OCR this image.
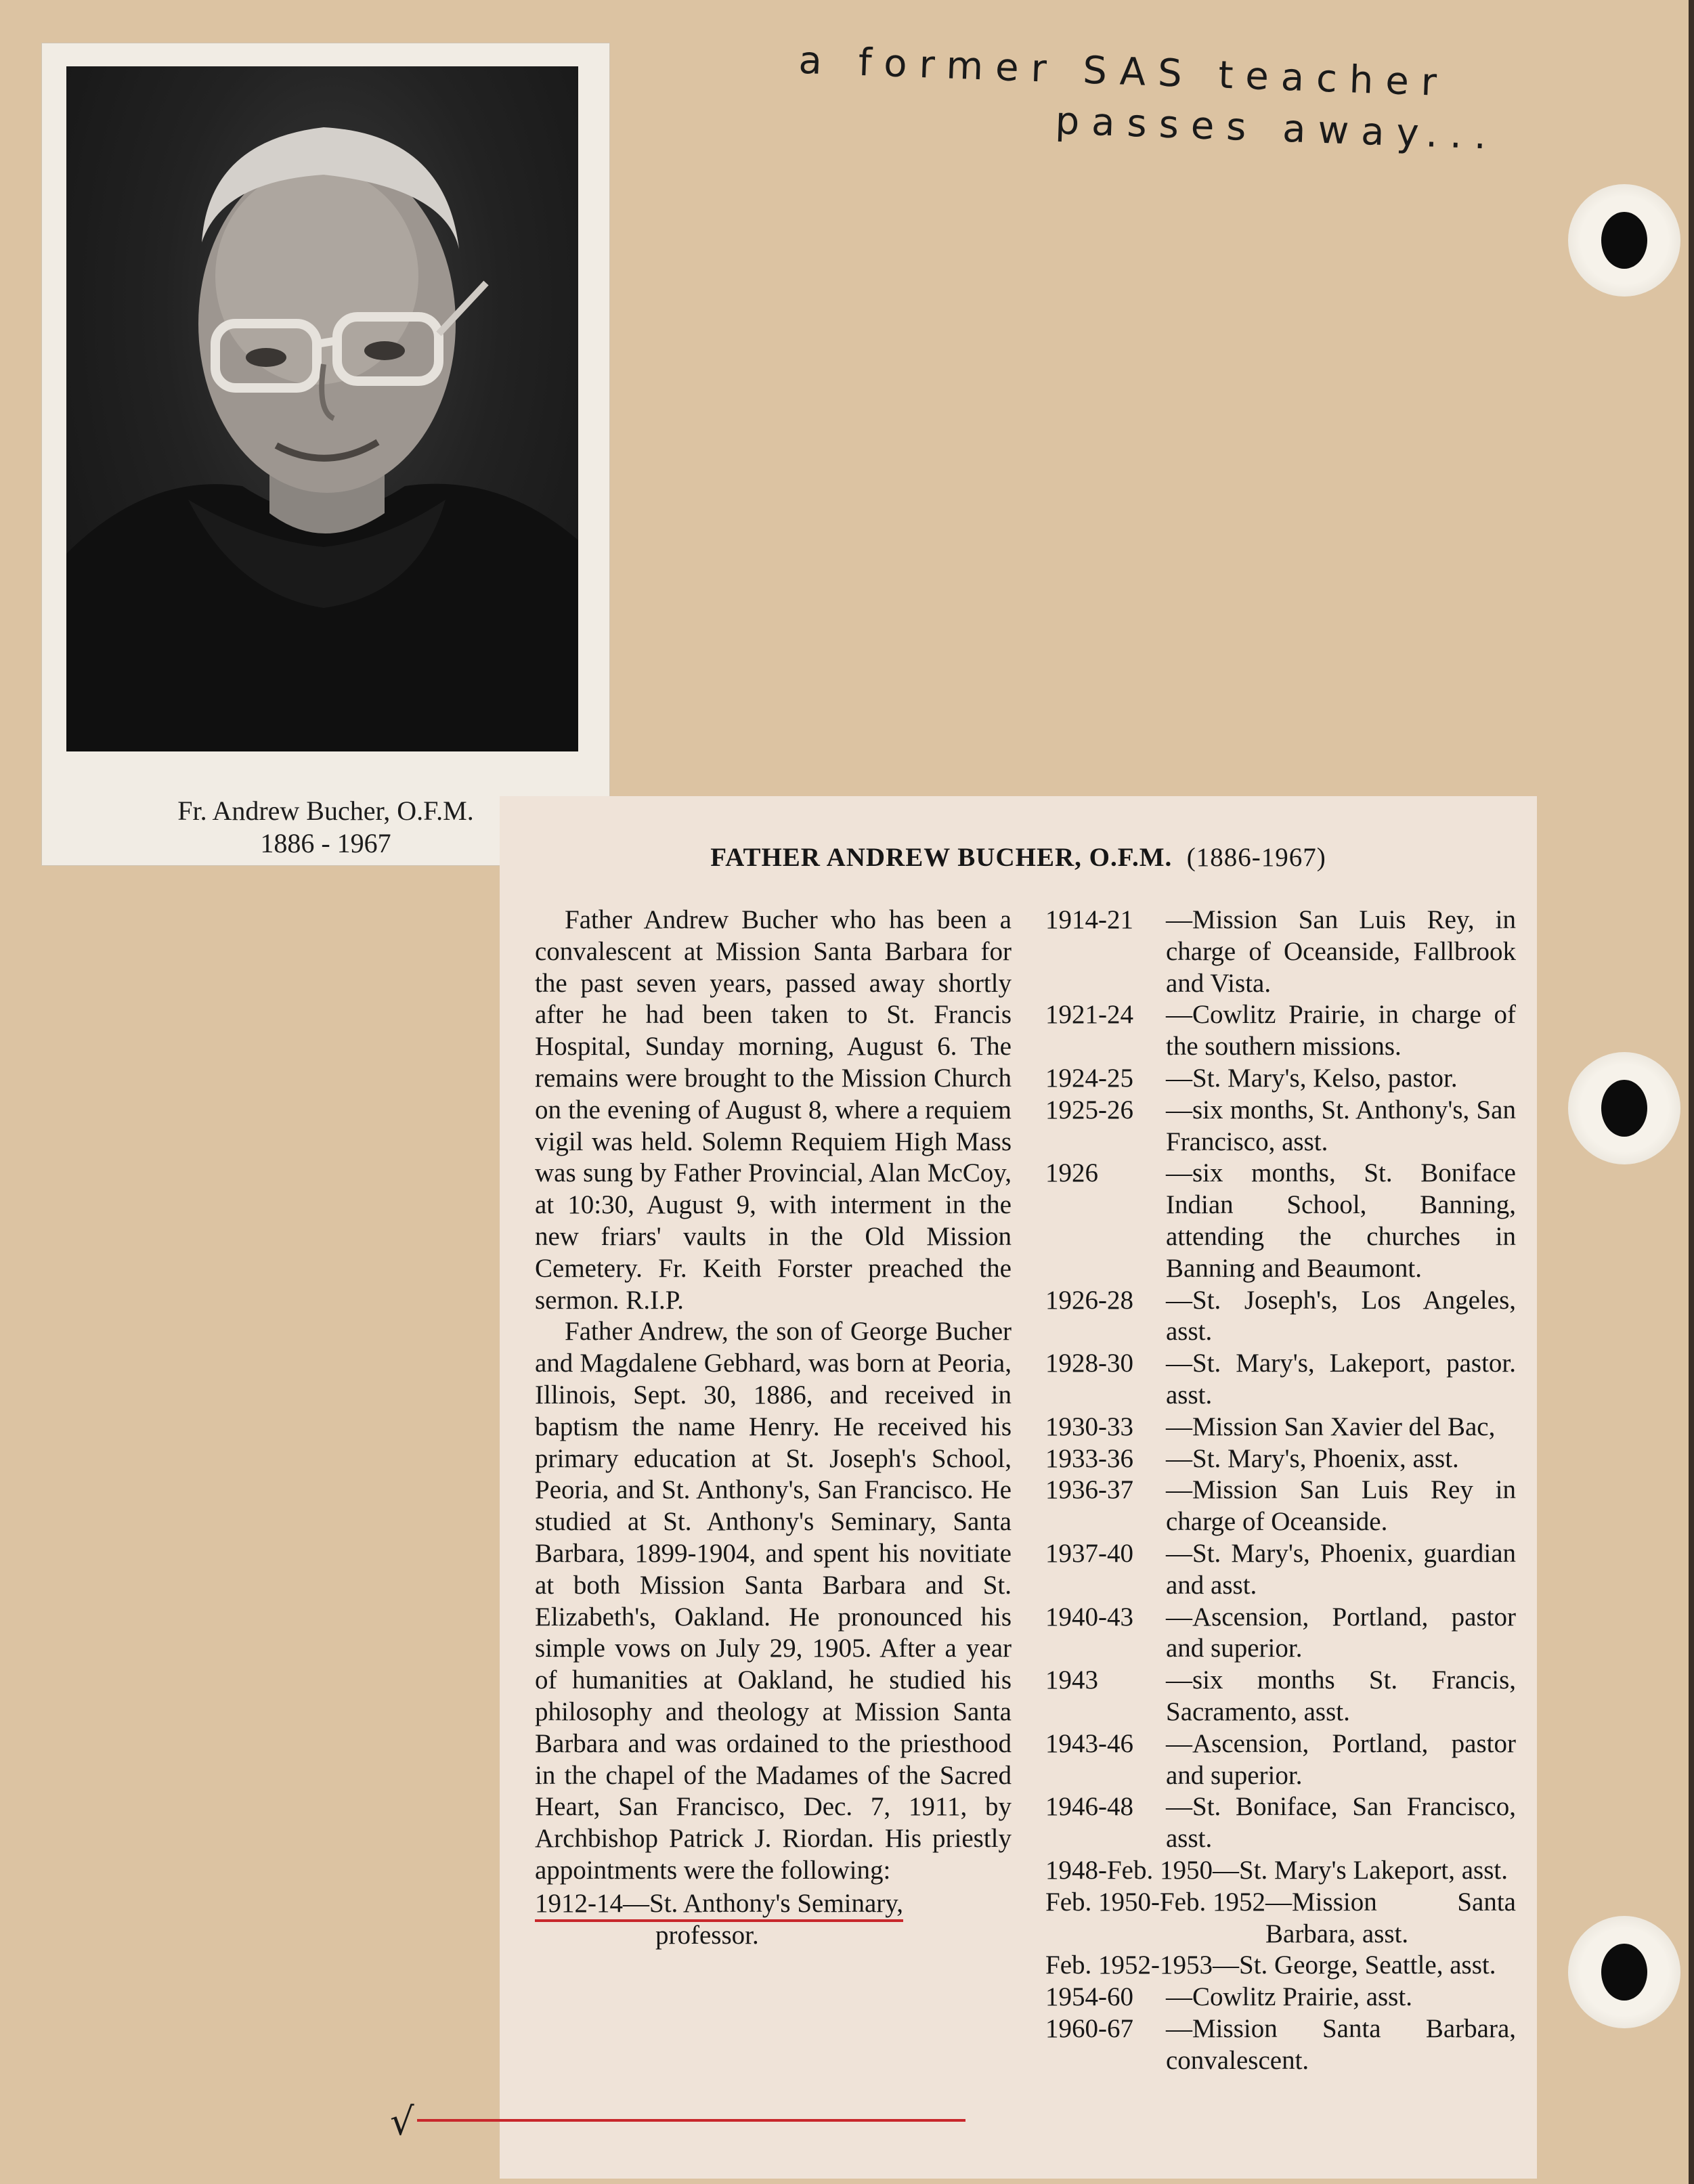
a former SAS teacher
passes away...
Fr. Andrew Bucher, O.F.M.
1886 - 1967	FATHER ANDREW BUCHER, O.F.M. (1886-1967)

Father Andrew Bucher who has been a convalescent at Mission Santa Barbara for the past seven years, passed away shortly after he had been taken to St. Francis Hospital, Sunday morning, August 6. The remains were brought to the Mission Church on the evening of August 8, where a requiem vigil was held. Solemn Requiem High Mass was sung by Father Provincial, Alan McCoy, at 10:30, August 9, with interment in the new friars' vaults in the Old Mission Cemetery. Fr. Keith Forster preached the sermon. R.I.P.

Father Andrew, the son of George Bucher and Magdalene Gebhard, was born at Peoria, Illinois, Sept. 30, 1886, and received in baptism the name Henry. He received his primary education at St. Joseph's School, Peoria, and St. Anthony's, San Francisco. He studied at St. Anthony's Seminary, Santa Barbara, 1899-1904, and spent his novitiate at both Mission Santa Barbara and St. Elizabeth's, Oakland. He pronounced his simple vows on July 29, 1905. After a year of humanities at Oakland, he studied his philosophy and theology at Mission Santa Barbara and was ordained to the priesthood in the chapel of the Madames of the Sacred Heart, San Francisco, Dec. 7, 1911, by Archbishop Patrick J. Riordan. His priestly appointments were the following:

1912-14—St. Anthony's Seminary,
professor.

1914-21	—Mission San Luis Rey, in charge of Oceanside, Fallbrook and Vista.
1921-24	—Cowlitz Prairie, in charge of the southern missions.
1924-25	—St. Mary's, Kelso, pastor.
1925-26	—six months, St. Anthony's, San Francisco, asst.
1926	—six months, St. Boniface Indian School, Banning, attending the churches in Banning and Beaumont.
1926-28	—St. Joseph's, Los Angeles, asst.
1928-30	—St. Mary's, Lakeport, pastor. asst.
1930-33	—Mission San Xavier del Bac,
1933-36	—St. Mary's, Phoenix, asst.
1936-37	—Mission San Luis Rey in charge of Oceanside.
1937-40	—St. Mary's, Phoenix, guardian and asst.
1940-43	—Ascension, Portland, pastor and superior.
1943	—six months St. Francis, Sacramento, asst.
1943-46	—Ascension, Portland, pastor and superior.
1946-48	—St. Boniface, San Francisco, asst.
1948-Feb. 1950 —St. Mary's Lakeport, asst.
Feb. 1950-Feb. 1952 —Mission Santa Barbara, asst.
Feb. 1952-1953 —St. George, Seattle, asst.
1954-60	—Cowlitz Prairie, asst.
1960-67	—Mission Santa Barbara, convalescent.
√
